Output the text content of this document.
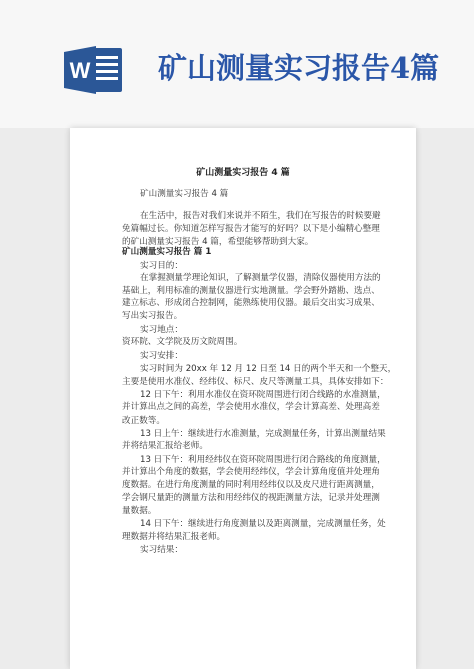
W 矿山测量实习报告4篇
矿山测量实习报告 4 篇
矿山测量实习报告 4 篇
在生活中，报告对我们来说并不陌生，我们在写报告的时候要避
免篇幅过长。你知道怎样写报告才能写的好吗？以下是小编精心整理
的矿山测量实习报告 4 篇，希望能够帮助到大家。
矿山测量实习报告 篇 1
实习目的：
在掌握测量学理论知识，了解测量学仪器，清除仪器使用方法的
基础上，利用标准的测量仪器进行实地测量。学会野外踏勘、选点、
建立标志、形成闭合控制网，能熟练使用仪器。最后交出实习成果、
写出实习报告。
实习地点：
资环院、文学院及历文院周围。
实习安排：
实习时间为 20xx 年 12 月 12 日至 14 日的两个半天和一个整天，
主要是使用水准仪、经纬仪、标尺、皮尺等测量工具，具体安排如下：
12 日下午：利用水准仪在资环院周围进行闭合线路的水准测量，
并计算出点之间的高差，学会使用水准仪，学会计算高差、处理高差
改正数等。
13 日上午：继续进行水准测量，完成测量任务，计算出测量结果
并将结果汇报给老师。
13 日下午：利用经纬仪在资环院周围进行闭合路线的角度测量，
并计算出个角度的数据，学会使用经纬仪，学会计算角度值并处理角
度数据。在进行角度测量的同时利用经纬仪以及皮尺进行距离测量，
学会钢尺量距的测量方法和用经纬仪的视距测量方法，记录并处理测
量数据。
14 日下午：继续进行角度测量以及距离测量，完成测量任务，处
理数据并将结果汇报老师。
实习结果：
